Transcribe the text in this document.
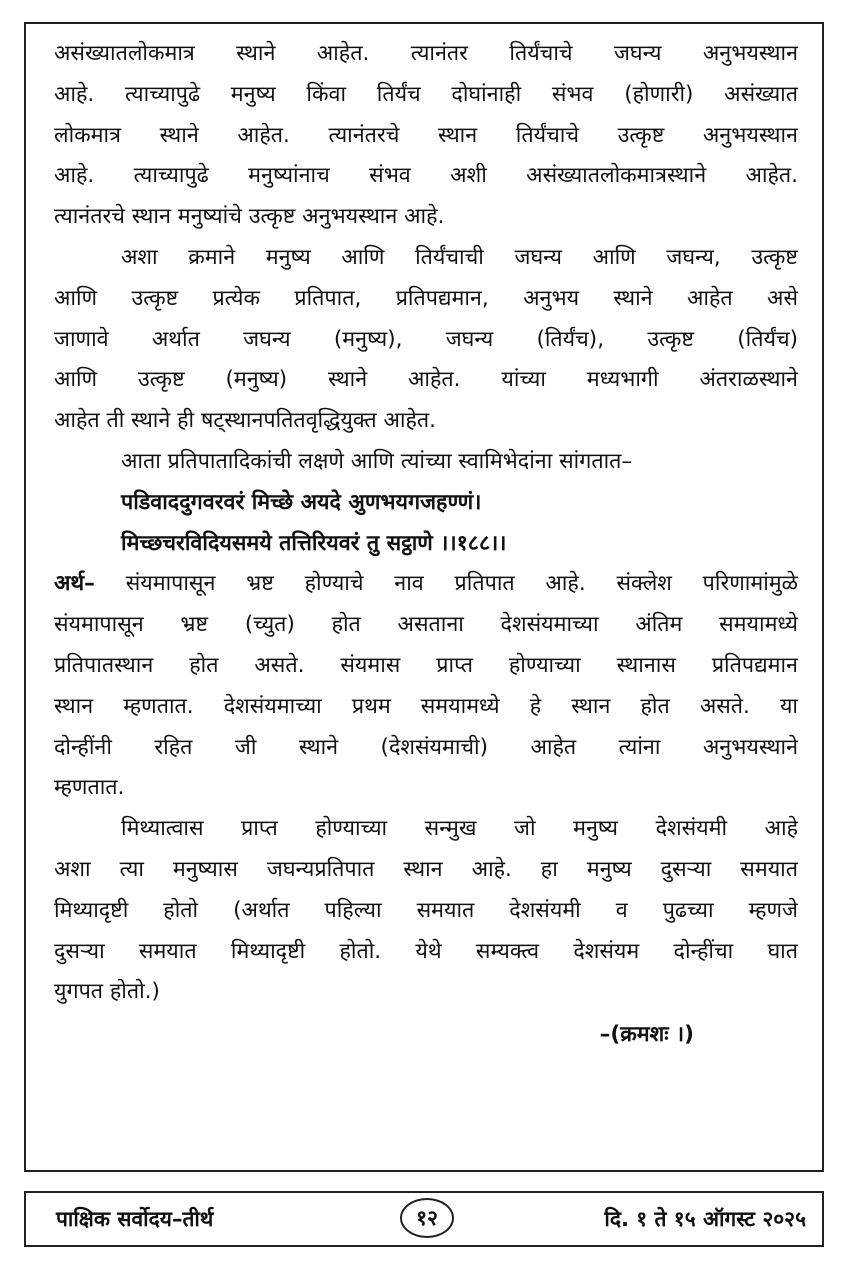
असंख्यातलोकमात्र स्थाने आहेत. त्यानंतर तिर्यंचाचे जघन्य अनुभयस्थान
आहे. त्याच्यापुढे मनुष्य किंवा तिर्यंच दोघांनाही संभव (होणारी) असंख्यात
लोकमात्र स्थाने आहेत. त्यानंतरचे स्थान तिर्यंचाचे उत्कृष्ट अनुभयस्थान
आहे. त्याच्यापुढे मनुष्यांनाच संभव अशी असंख्यातलोकमात्रस्थाने आहेत.
त्यानंतरचे स्थान मनुष्यांचे उत्कृष्ट अनुभयस्थान आहे.
अशा क्रमाने मनुष्य आणि तिर्यंचाची जघन्य आणि जघन्य, उत्कृष्ट
आणि उत्कृष्ट प्रत्येक प्रतिपात, प्रतिपद्यमान, अनुभय स्थाने आहेत असे
जाणावे अर्थात जघन्य (मनुष्य), जघन्य (तिर्यंच), उत्कृष्ट (तिर्यंच)
आणि उत्कृष्ट (मनुष्य) स्थाने आहेत. यांच्या मध्यभागी अंतराळस्थाने
आहेत ती स्थाने ही षट्स्थानपतितवृद्धियुक्त आहेत.
आता प्रतिपातादिकांची लक्षणे आणि त्यांच्या स्वामिभेदांना सांगतात–
पडिवाददुगवरवरं मिच्छे अयदे अुणभयगजहण्णं।
मिच्छचरविदियसमये तत्तिरियवरं तु सट्ठाणे ।।१८८।।
अर्थ– संयमापासून भ्रष्ट होण्याचे नाव प्रतिपात आहे. संक्लेश परिणामांमुळे
संयमापासून भ्रष्ट (च्युत) होत असताना देशसंयमाच्या अंतिम समयामध्ये
प्रतिपातस्थान होत असते. संयमास प्राप्त होण्याच्या स्थानास प्रतिपद्यमान
स्थान म्हणतात. देशसंयमाच्या प्रथम समयामध्ये हे स्थान होत असते. या
दोन्हींनी रहित जी स्थाने (देशसंयमाची) आहेत त्यांना अनुभयस्थाने
म्हणतात.
मिथ्यात्वास प्राप्त होण्याच्या सन्मुख जो मनुष्य देशसंयमी आहे
अशा त्या मनुष्यास जघन्यप्रतिपात स्थान आहे. हा मनुष्य दुसऱ्या समयात
मिथ्यादृष्टी होतो (अर्थात पहिल्या समयात देशसंयमी व पुढच्या म्हणजे
दुसऱ्या समयात मिथ्यादृष्टी होतो. येथे सम्यक्त्व देशसंयम दोन्हींचा घात
युगपत होतो.)
–(क्रमशः ।)
पाक्षिक सर्वोदय–तीर्थ	१२	दि. १ ते १५ ऑगस्ट २०२५
